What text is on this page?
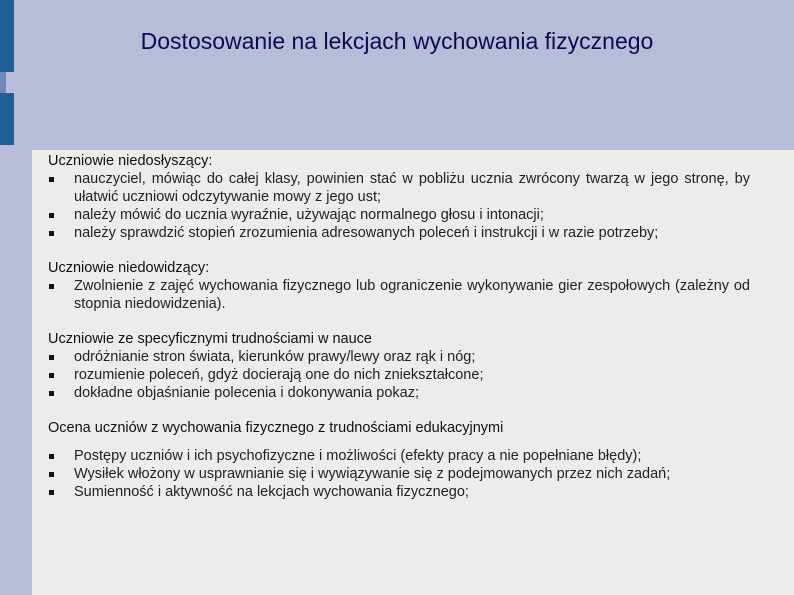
Dostosowanie na lekcjach wychowania fizycznego
Uczniowie niedosłyszący:
nauczyciel, mówiąc do całej klasy, powinien stać w pobliżu ucznia zwrócony twarzą w jego stronę, by ułatwić uczniowi odczytywanie mowy z jego ust;
należy mówić do ucznia wyraźnie, używając normalnego głosu i intonacji;
należy sprawdzić stopień zrozumienia adresowanych poleceń i instrukcji i w razie potrzeby;
Uczniowie niedowidzący:
Zwolnienie z zajęć wychowania fizycznego lub ograniczenie wykonywanie gier zespołowych (zależny od stopnia niedowidzenia).
Uczniowie ze specyficznymi trudnościami w nauce
odróżnianie stron świata, kierunków prawy/lewy oraz rąk i nóg;
rozumienie poleceń, gdyż docierają one do nich zniekształcone;
dokładne objaśnianie polecenia i dokonywania pokaz;
Ocena uczniów z wychowania fizycznego z trudnościami edukacyjnymi
Postępy uczniów i ich psychofizyczne i możliwości (efekty pracy a nie popełniane błędy);
Wysiłek włożony w usprawnianie się i wywiązywanie się z podejmowanych przez nich zadań;
Sumienność i aktywność na lekcjach wychowania fizycznego;
